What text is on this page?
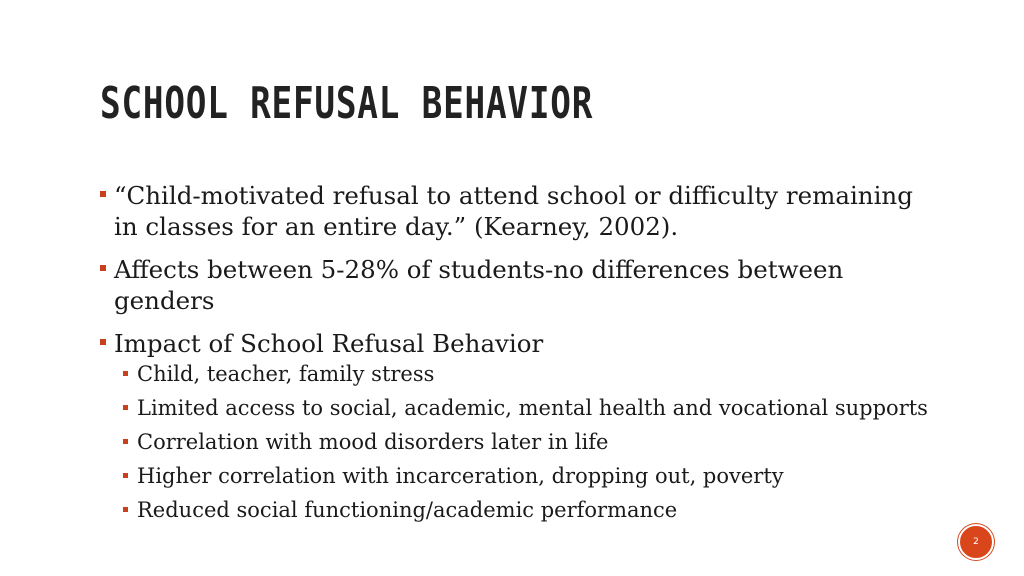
SCHOOL REFUSAL BEHAVIOR
“Child-motivated refusal to attend school or difficulty remaining in classes for an entire day.” (Kearney, 2002).
Affects between 5-28% of students-no differences between genders
Impact of School Refusal Behavior
Child, teacher, family stress
Limited access to social, academic, mental health and vocational supports
Correlation with mood disorders later in life
Higher correlation with incarceration, dropping out, poverty
Reduced social functioning/academic performance
2
